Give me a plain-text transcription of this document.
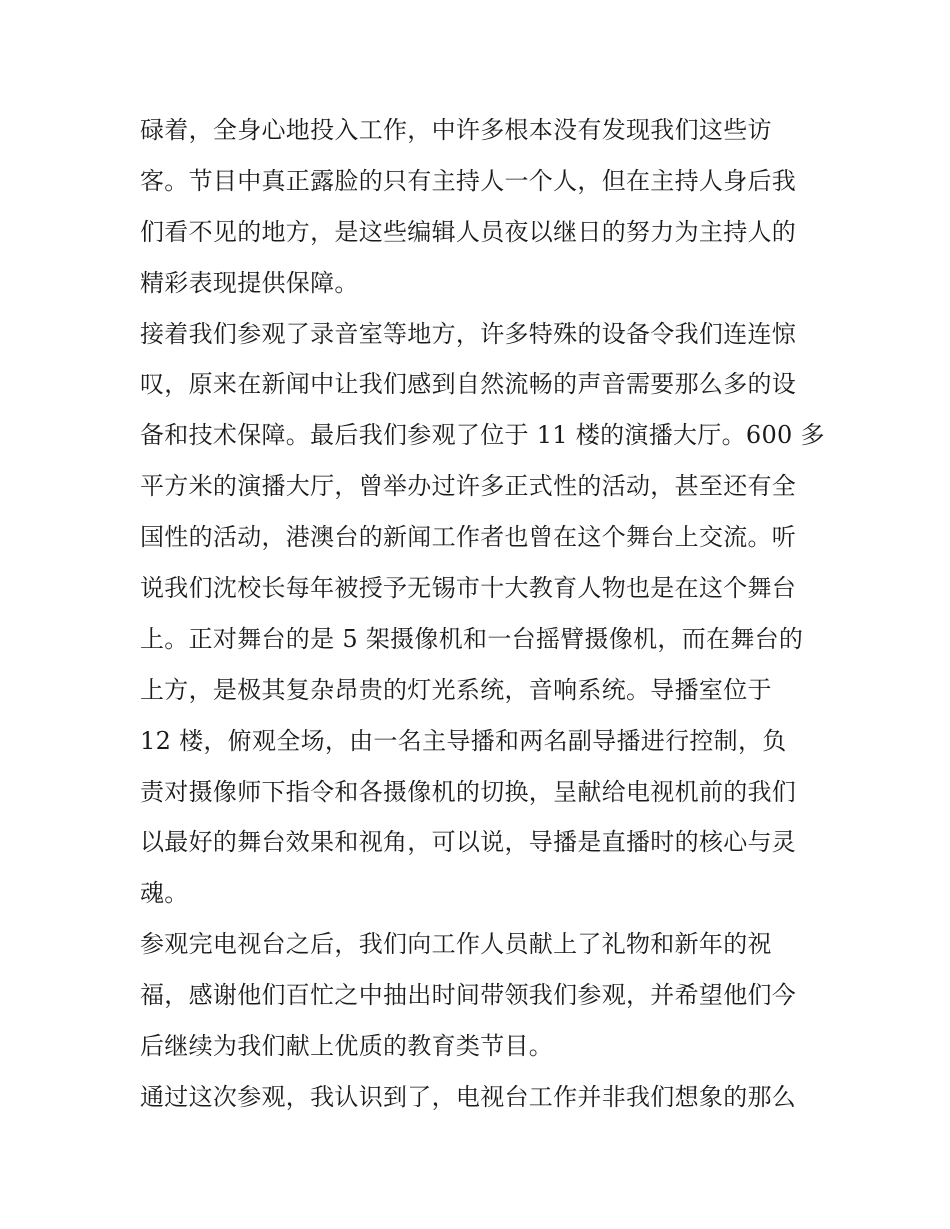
碌着，全身心地投入工作，中许多根本没有发现我们这些访
客。节目中真正露脸的只有主持人一个人，但在主持人身后我
们看不见的地方，是这些编辑人员夜以继日的努力为主持人的
精彩表现提供保障。
接着我们参观了录音室等地方，许多特殊的设备令我们连连惊
叹，原来在新闻中让我们感到自然流畅的声音需要那么多的设
备和技术保障。最后我们参观了位于 11 楼的演播大厅。600 多
平方米的演播大厅，曾举办过许多正式性的活动，甚至还有全
国性的活动，港澳台的新闻工作者也曾在这个舞台上交流。听
说我们沈校长每年被授予无锡市十大教育人物也是在这个舞台
上。正对舞台的是 5 架摄像机和一台摇臂摄像机，而在舞台的
上方，是极其复杂昂贵的灯光系统，音响系统。导播室位于
12 楼，俯观全场，由一名主导播和两名副导播进行控制，负
责对摄像师下指令和各摄像机的切换，呈献给电视机前的我们
以最好的舞台效果和视角，可以说，导播是直播时的核心与灵
魂。
参观完电视台之后，我们向工作人员献上了礼物和新年的祝
福，感谢他们百忙之中抽出时间带领我们参观，并希望他们今
后继续为我们献上优质的教育类节目。
通过这次参观，我认识到了，电视台工作并非我们想象的那么
